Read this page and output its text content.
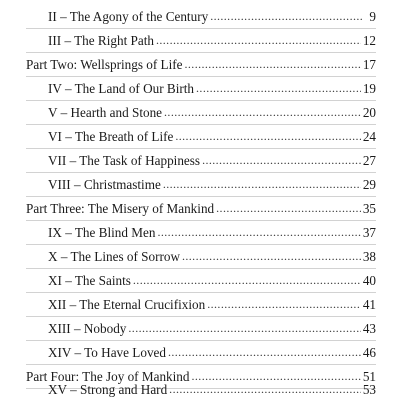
II – The Agony of the Century .....	9
III – The Right Path .....	12
Part Two: Wellsprings of Life .....	17
IV – The Land of Our Birth .....	19
V – Hearth and Stone .....	20
VI – The Breath of Life .....	24
VII – The Task of Happiness .....	27
VIII – Christmastime .....	29
Part Three: The Misery of Mankind .....	35
IX – The Blind Men .....	37
X – The Lines of Sorrow .....	38
XI – The Saints .....	40
XII – The Eternal Crucifixion .....	41
XIII – Nobody .....	43
XIV – To Have Loved .....	46
Part Four: The Joy of Mankind .....	51
XV – Strong and Hard .....	53
